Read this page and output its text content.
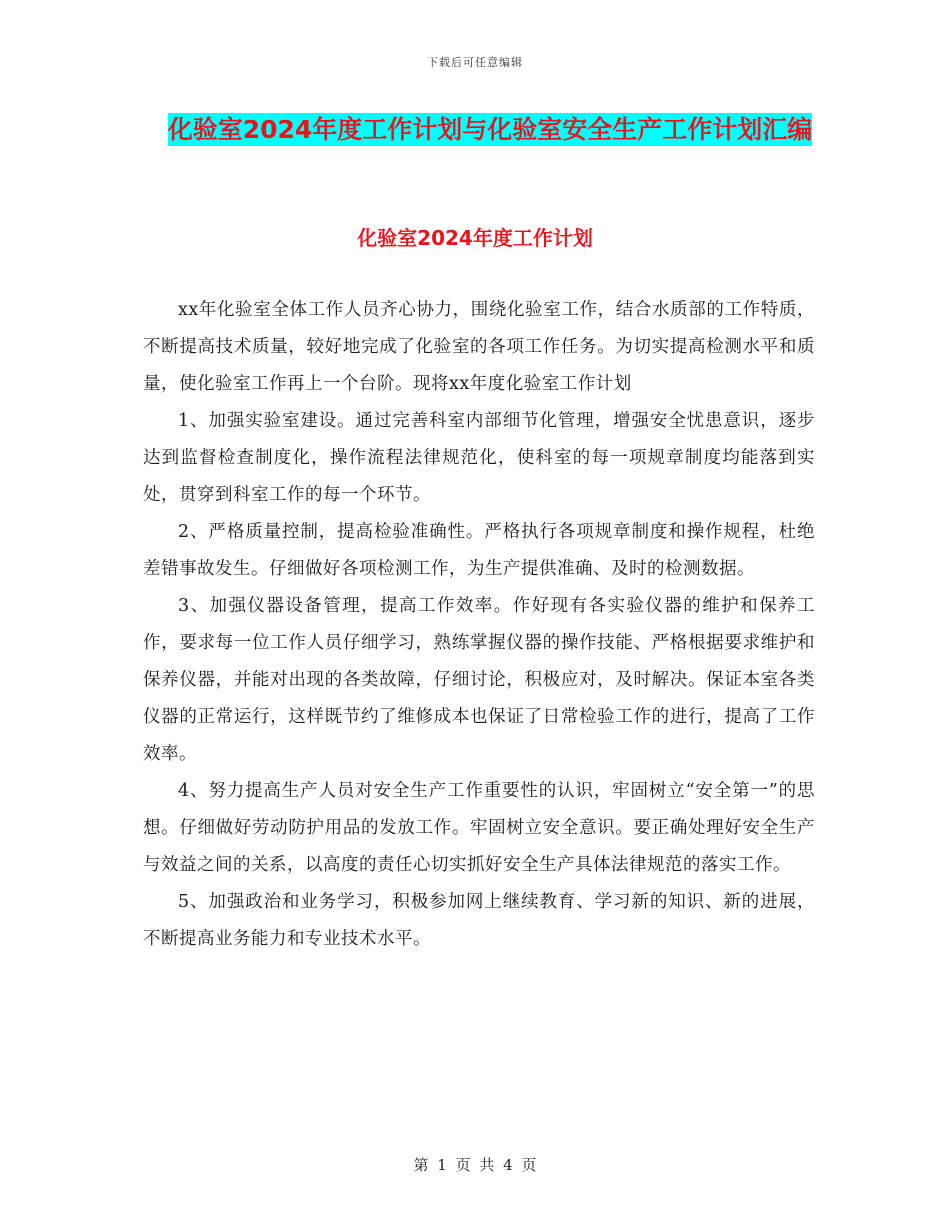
下载后可任意编辑
化验室2024年度工作计划与化验室安全生产工作计划汇编
化验室2024年度工作计划

xx年化验室全体工作人员齐心协力，围绕化验室工作，结合水质部的工作特质，不断提高技术质量，较好地完成了化验室的各项工作任务。为切实提高检测水平和质量，使化验室工作再上一个台阶。现将xx年度化验室工作计划

1、加强实验室建设。通过完善科室内部细节化管理，增强安全忧患意识，逐步达到监督检查制度化，操作流程法律规范化，使科室的每一项规章制度均能落到实处，贯穿到科室工作的每一个环节。

2、严格质量控制，提高检验准确性。严格执行各项规章制度和操作规程，杜绝差错事故发生。仔细做好各项检测工作，为生产提供准确、及时的检测数据。

3、加强仪器设备管理，提高工作效率。作好现有各实验仪器的维护和保养工作，要求每一位工作人员仔细学习，熟练掌握仪器的操作技能、严格根据要求维护和保养仪器，并能对出现的各类故障，仔细讨论，积极应对，及时解决。保证本室各类仪器的正常运行，这样既节约了维修成本也保证了日常检验工作的进行，提高了工作效率。

4、努力提高生产人员对安全生产工作重要性的认识，牢固树立“安全第一”的思想。仔细做好劳动防护用品的发放工作。牢固树立安全意识。要正确处理好安全生产与效益之间的关系，以高度的责任心切实抓好安全生产具体法律规范的落实工作。

5、加强政治和业务学习，积极参加网上继续教育、学习新的知识、新的进展，不断提高业务能力和专业技术水平。

第 1 页 共 4 页
